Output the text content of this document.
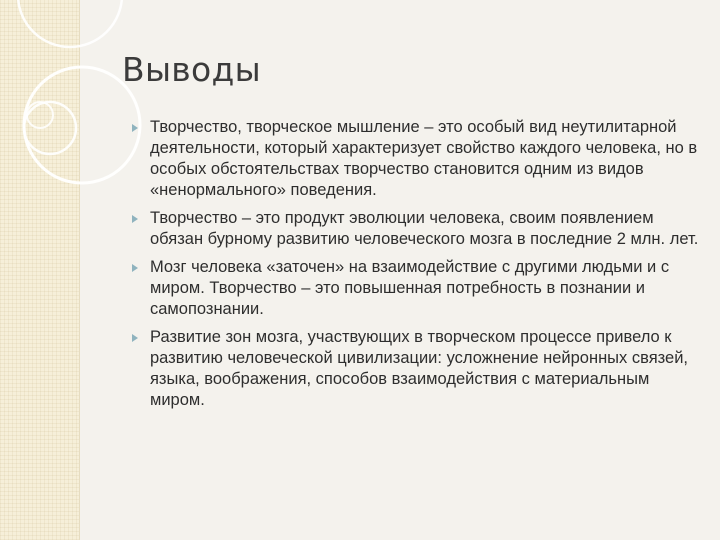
Выводы
Творчество, творческое мышление – это особый вид неутилитарной деятельности, который характеризует свойство каждого человека, но в особых обстоятельствах творчество становится одним из видов «ненормального» поведения.
Творчество – это продукт эволюции человека, своим появлением обязан бурному развитию человеческого мозга в последние 2 млн. лет.
Мозг человека «заточен» на взаимодействие с другими людьми и с миром. Творчество – это повышенная потребность в познании и самопознании.
Развитие зон мозга, участвующих в творческом процессе привело к развитию человеческой цивилизации: усложнение нейронных связей, языка, воображения, способов взаимодействия с материальным миром.
